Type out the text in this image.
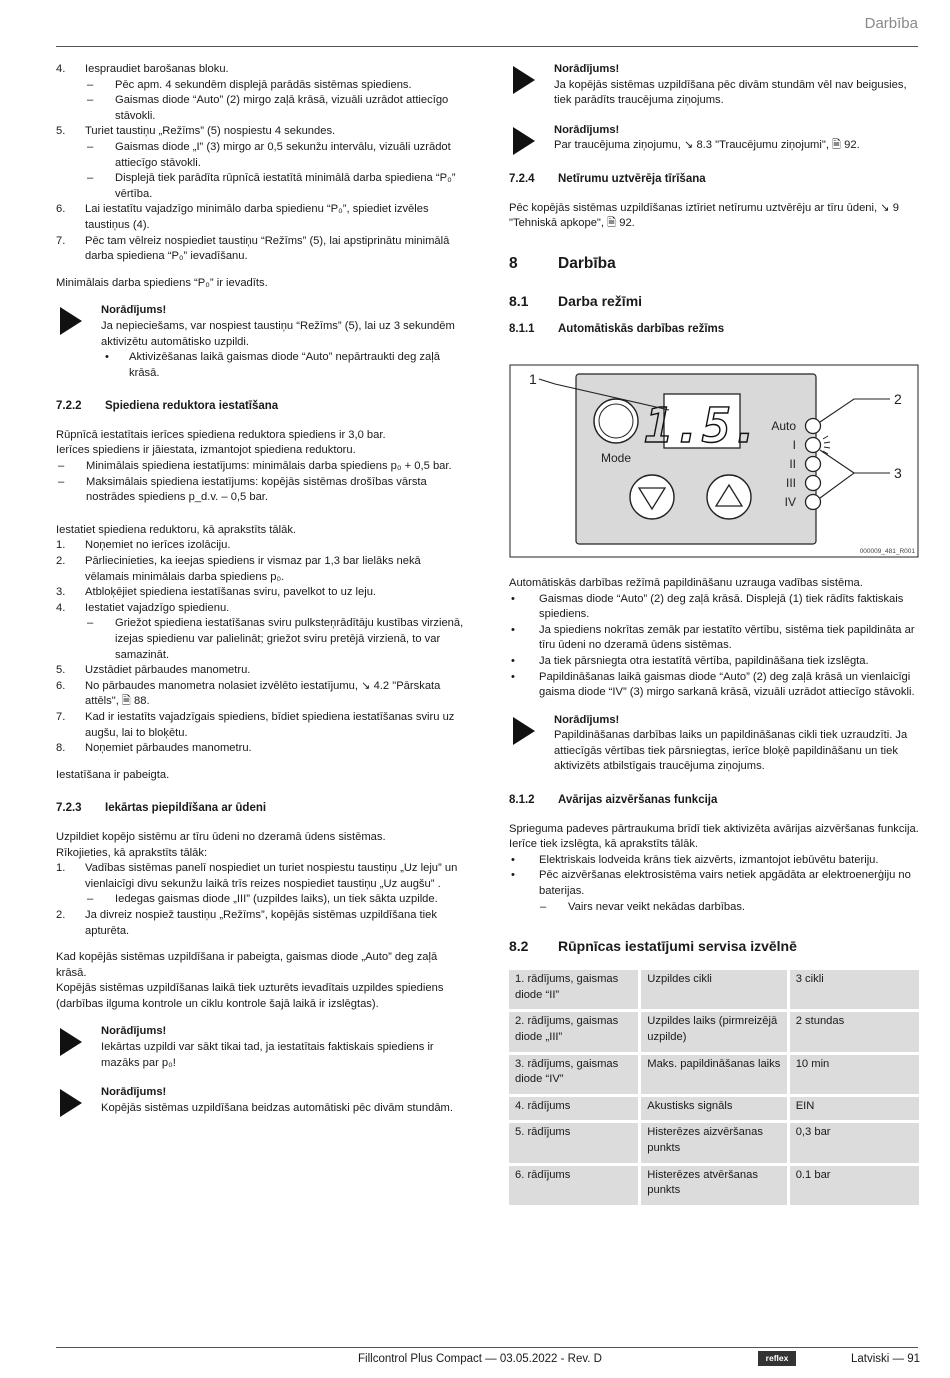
Darbība
4. Iespraudiet barošanas bloku.
– Pēc apm. 4 sekundēm displejā parādās sistēmas spiediens.
– Gaismas diode “Auto” (2) mirgo zaļā krāsā, vizuāli uzrādot attiecīgo stāvokli.
5. Turiet taustiņu „Režīms” (5) nospiestu 4 sekundes.
– Gaismas diode „I” (3) mirgo ar 0,5 sekunžu intervālu, vizuāli uzrādot attiecīgo stāvokli.
– Displejā tiek parādīta rūpnīcā iestatītā minimālā darba spiediena “P₀” vērtība.
6. Lai iestatītu vajadzīgo minimālo darba spiedienu “P₀”, spiediet izvēles taustiņus (4).
7. Pēc tam vēlreiz nospiediet taustiņu “Režīms” (5), lai apstiprinātu minimālā darba spiediena “P₀” ievadīšanu.

Minimālais darba spiediens “P₀” ir ievadīts.

Norādījums!

Ja nepieciešams, var nospiest taustiņu “Režīms” (5), lai uz 3 sekundēm aktivizētu automātisko uzpildi.

• Aktivizēšanas laikā gaismas diode “Auto” nepārtraukti deg zaļā krāsā.
7.2.2 Spiediena reduktora iestatīšana

Rūpnīcā iestatītais ierīces spiediena reduktora spiediens ir 3,0 bar.

Ierīces spiediens ir jāiestata, izmantojot spiediena reduktoru.

– Minimālais spiediena iestatījums: minimālais darba spiediens p₀ + 0,5 bar.
– Maksimālais spiediena iestatījums: kopējās sistēmas drošības vārsta nostrādes spiediens p_d.v. – 0,5 bar.

Iestatiet spiediena reduktoru, kā aprakstīts tālāk.

1. Noņemiet no ierīces izolāciju.
2. Pārliecinieties, ka ieejas spiediens ir vismaz par 1,3 bar lielāks nekā vēlamais minimālais darba spiediens p₀.
3. Atbloķējiet spiediena iestatīšanas sviru, pavelkot to uz leju.
4. Iestatiet vajadzīgo spiedienu.
– Griežot spiediena iestatīšanas sviru pulksteņrādītāju kustības virzienā, izejas spiedienu var palielināt; griežot sviru pretējā virzienā, to var samazināt.
5. Uzstādiet pārbaudes manometru.
6. No pārbaudes manometra nolasiet izvēlēto iestatījumu, ↘ 4.2 "Pārskata attēls", 🗎 88.
7. Kad ir iestatīts vajadzīgais spiediens, bīdiet spiediena iestatīšanas sviru uz augšu, lai to bloķētu.
8. Noņemiet pārbaudes manometru.

Iestatīšana ir pabeigta.

7.2.3 Iekārtas piepildīšana ar ūdeni

Uzpildiet kopējo sistēmu ar tīru ūdeni no dzeramā ūdens sistēmas.

Rīkojieties, kā aprakstīts tālāk:

1. Vadības sistēmas panelī nospiediet un turiet nospiestu taustiņu „Uz leju” un vienlaicīgi divu sekunžu laikā trīs reizes nospiediet taustiņu „Uz augšu” .
– Iedegas gaismas diode „III” (uzpildes laiks), un tiek sākta uzpilde.
2. Ja divreiz nospiež taustiņu „Režīms”, kopējās sistēmas uzpildīšana tiek apturēta.

Kad kopējās sistēmas uzpildīšana ir pabeigta, gaismas diode „Auto” deg zaļā krāsā.

Kopējās sistēmas uzpildīšanas laikā tiek uzturēts ievadītais uzpildes spiediens (darbības ilguma kontrole un ciklu kontrole šajā laikā ir izslēgtas).

Norādījums!

Iekārtas uzpildi var sākt tikai tad, ja iestatītais faktiskais spiediens ir mazāks par p₀!

Norādījums!

Kopējās sistēmas uzpildīšana beidzas automātiski pēc divām stundām.

Norādījums!

Ja kopējās sistēmas uzpildīšana pēc divām stundām vēl nav beigusies, tiek parādīts traucējuma ziņojums.

Norādījums!

Par traucējuma ziņojumu, ↘ 8.3 "Traucējumu ziņojumi", 🗎 92.

7.2.4 Netīrumu uztvērēja tīrīšana

Pēc kopējās sistēmas uzpildīšanas iztīriet netīrumu uztvērēju ar tīru ūdeni, ↘ 9 "Tehniskā apkope", 🗎 92.

8	Darbība
8.1 Darba režīmi
8.1.1 Automātiskās darbības režīms
1.5.
Mode
Auto
I
II
III
IV
1
2
3
000009_481_R001

Automātiskās darbības režīmā papildināšanu uzrauga vadības sistēma.

• Gaismas diode “Auto” (2) deg zaļā krāsā. Displejā (1) tiek rādīts faktiskais spiediens.
• Ja spiediens nokrītas zemāk par iestatīto vērtību, sistēma tiek papildināta ar tīru ūdeni no dzeramā ūdens sistēmas.
• Ja tiek pārsniegta otra iestatītā vērtība, papildināšana tiek izslēgta.
• Papildināšanas laikā gaismas diode “Auto” (2) deg zaļā krāsā un vienlaicīgi gaisma diode “IV” (3) mirgo sarkanā krāsā, vizuāli uzrādot attiecīgo stāvokli.

Norādījums!

Papildināšanas darbības laiks un papildināšanas cikli tiek uzraudzīti. Ja attiecīgās vērtības tiek pārsniegtas, ierīce bloķē papildināšanu un tiek aktivizēts atbilstīgais traucējuma ziņojums.

8.1.2 Avārijas aizvēršanas funkcija

Sprieguma padeves pārtraukuma brīdī tiek aktivizēta avārijas aizvēršanas funkcija. Ierīce tiek izslēgta, kā aprakstīts tālāk.

• Elektriskais lodveida krāns tiek aizvērts, izmantojot iebūvētu bateriju.
• Pēc aizvēršanas elektrosistēma vairs netiek apgādāta ar elektroenerģiju no baterijas.
–	Vairs nevar veikt nekādas darbības.
8.2 Rūpnīcas iestatījumi servisa izvēlnē
1. rādījums, gaismas diode “II”	Uzpildes cikli	3 cikli
2. rādījums, gaismas diode „III”	Uzpildes laiks (pirmreizējā uzpilde)	2 stundas
3. rādījums, gaismas diode “IV”	Maks. papildināšanas laiks	10 min
4. rādījums	Akustisks signāls	EIN
5. rādījums	Histerēzes aizvēršanas punkts	0,3 bar
6. rādījums	Histerēzes atvēršanas punkts	0.1 bar
Fillcontrol Plus Compact — 03.05.2022 - Rev. D	reflex	Latviski — 91
